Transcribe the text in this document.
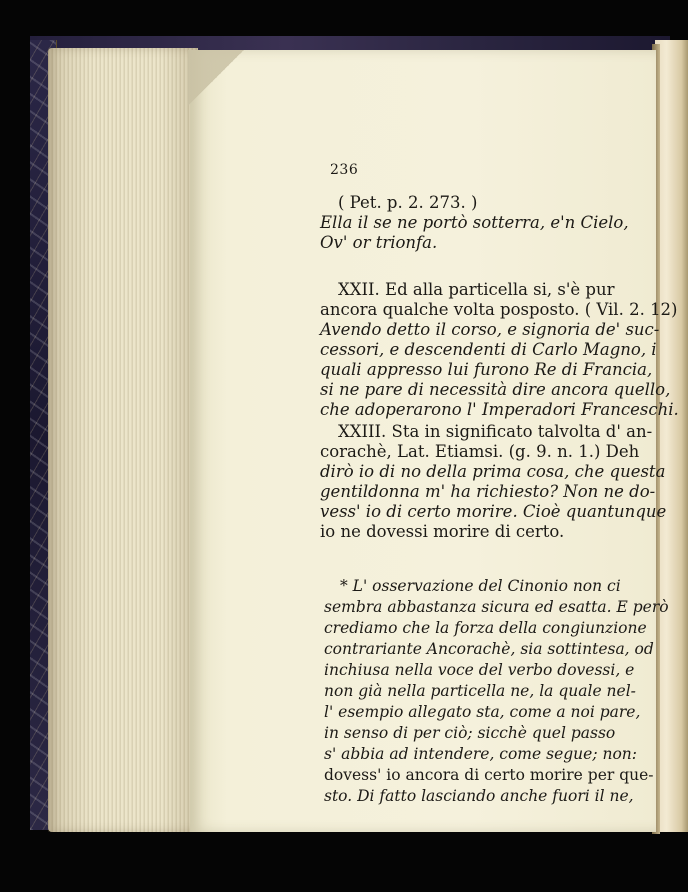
236
( Pet. p. 2. 273. )
Ella il se ne portò sotterra, e'n Cielo,
Ov' or trionfa.
XXII. Ed alla particella si, s'è pur
ancora qualche volta posposto. ( Vil. 2. 12)
Avendo detto il corso, e signoria de' suc-
cessori, e descendenti di Carlo Magno, i
quali appresso lui furono Re di Francia,
si ne pare di necessità dire ancora quello,
che adoperarono l' Imperadori Franceschi.
XXIII. Sta in significato talvolta d' an-
corachè, Lat. Etiamsi. (g. 9. n. 1.) Deh
dirò io di no della prima cosa, che questa
gentildonna m' ha richiesto? Non ne do-
vess' io di certo morire. Cioè quantunque
io ne dovessi morire di certo.
* L' osservazione del Cinonio non ci
sembra abbastanza sicura ed esatta. E però
crediamo che la forza della congiunzione
contrariante Ancorachè, sia sottintesa, od
inchiusa nella voce del verbo dovessi, e
non già nella particella ne, la quale nel-
l' esempio allegato sta, come a noi pare,
in senso di per ciò; sicchè quel passo
s' abbia ad intendere, come segue; non:
dovess' io ancora di certo morire per que-
sto. Di fatto lasciando anche fuori il ne,
